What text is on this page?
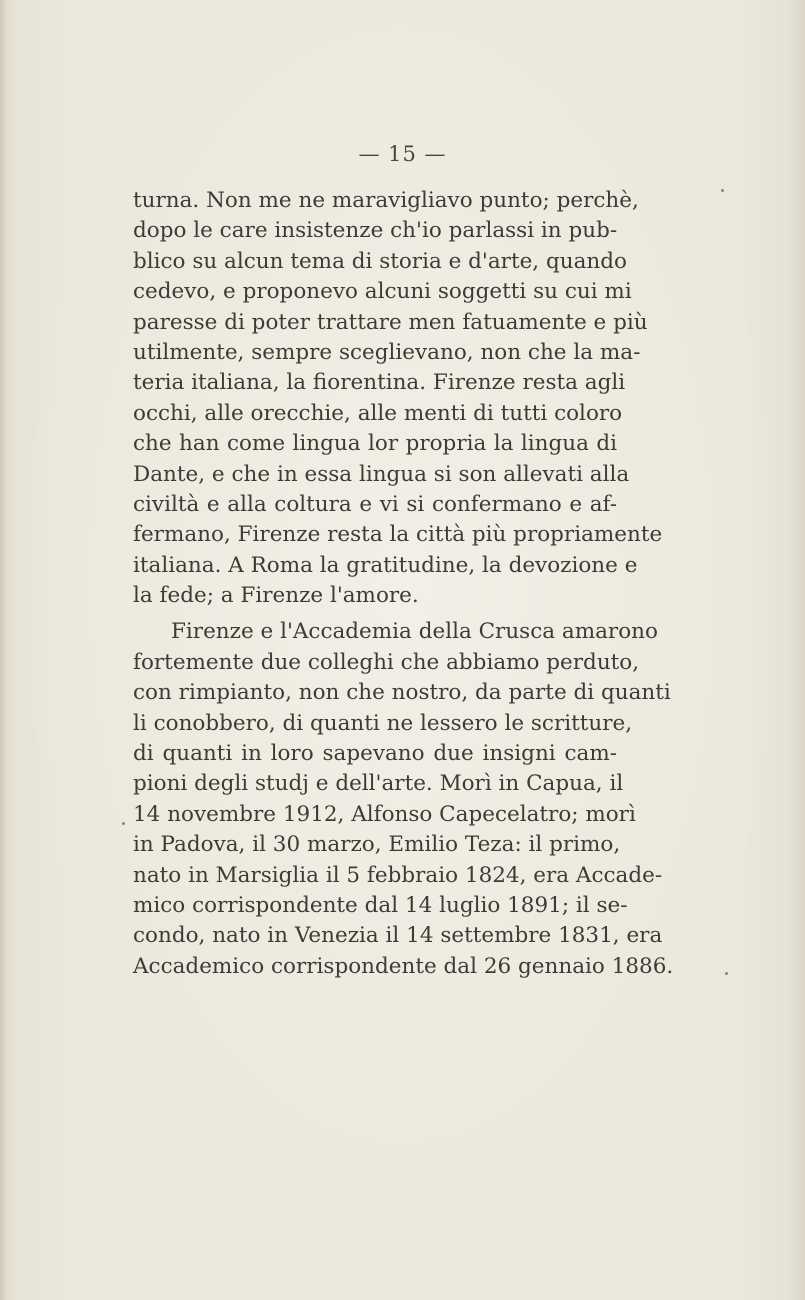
— 15 —
turna. Non me ne maravigliavo punto; perchè,
dopo le care insistenze ch'io parlassi in pub-
blico su alcun tema di storia e d'arte, quando
cedevo, e proponevo alcuni soggetti su cui mi
paresse di poter trattare men fatuamente e più
utilmente, sempre sceglievano, non che la ma-
teria italiana, la fiorentina. Firenze resta agli
occhi, alle orecchie, alle menti di tutti coloro
che han come lingua lor propria la lingua di
Dante, e che in essa lingua si son allevati alla
civiltà e alla coltura e vi si confermano e af-
fermano, Firenze resta la città più propriamente
italiana. A Roma la gratitudine, la devozione e
la fede; a Firenze l'amore.
Firenze e l'Accademia della Crusca amarono
fortemente due colleghi che abbiamo perduto,
con rimpianto, non che nostro, da parte di quanti
li conobbero, di quanti ne lessero le scritture,
di quanti in loro sapevano due insigni cam-
pioni degli studj e dell'arte. Morì in Capua, il
14 novembre 1912, Alfonso Capecelatro; morì
in Padova, il 30 marzo, Emilio Teza: il primo,
nato in Marsiglia il 5 febbraio 1824, era Accade-
mico corrispondente dal 14 luglio 1891; il se-
condo, nato in Venezia il 14 settembre 1831, era
Accademico corrispondente dal 26 gennaio 1886.
